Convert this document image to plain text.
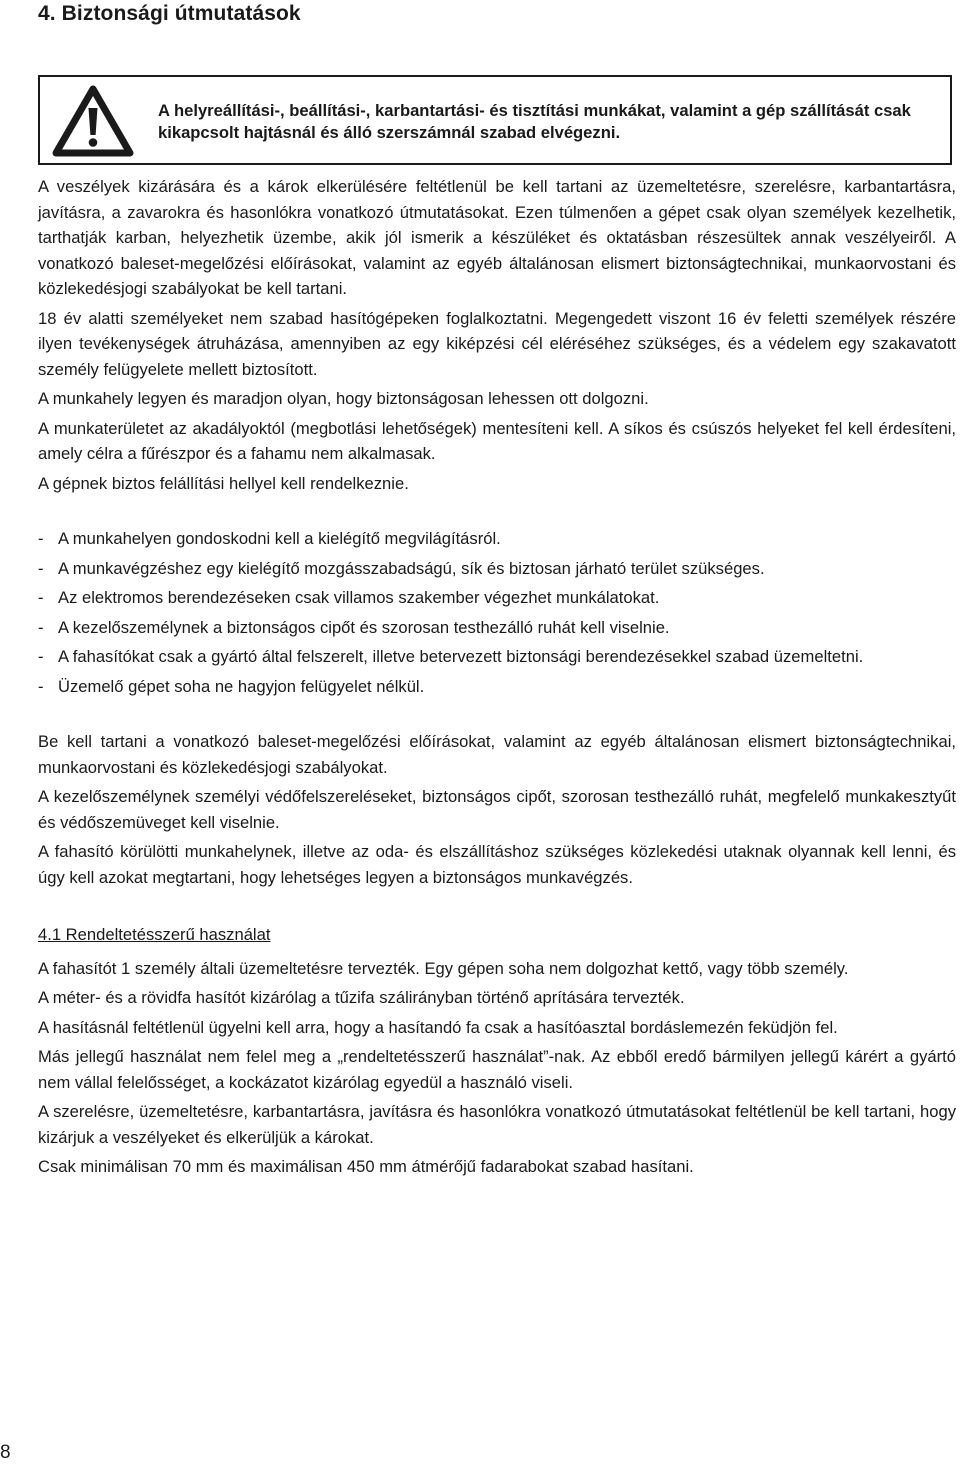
4. Biztonsági útmutatások
A helyreállítási-, beállítási-, karbantartási- és tisztítási munkákat, valamint a gép szállítását csak kikapcsolt hajtásnál és álló szerszámnál szabad elvégezni.

A veszélyek kizárására és a károk elkerülésére feltétlenül be kell tartani az üzemeltetésre, szerelésre, karbantartásra, javításra, a zavarokra és hasonlókra vonatkozó útmutatásokat. Ezen túlmenően a gépet csak olyan személyek kezelhetik, tarthatják karban, helyezhetik üzembe, akik jól ismerik a készüléket és oktatásban részesültek annak veszélyeiről. A vonatkozó baleset-megelőzési előírásokat, valamint az egyéb általánosan elismert biztonságtechnikai, munkaorvostani és közlekedésjogi szabályokat be kell tartani.

18 év alatti személyeket nem szabad hasítógépeken foglalkoztatni. Megengedett viszont 16 év feletti személyek részére ilyen tevékenységek átruházása, amennyiben az egy kiképzési cél eléréséhez szükséges, és a védelem egy szakavatott személy felügyelete mellett biztosított.

A munkahely legyen és maradjon olyan, hogy biztonságosan lehessen ott dolgozni.

A munkaterületet az akadályoktól (megbotlási lehetőségek) mentesíteni kell. A síkos és csúszós helyeket fel kell érdesíteni, amely célra a fűrészpor és a fahamu nem alkalmasak.

A gépnek biztos felállítási hellyel kell rendelkeznie.

- A munkahelyen gondoskodni kell a kielégítő megvilágításról.
- A munkavégzéshez egy kielégítő mozgásszabadságú, sík és biztosan járható terület szükséges.
- Az elektromos berendezéseken csak villamos szakember végezhet munkálatokat.
- A kezelőszemélynek a biztonságos cipőt és szorosan testhezálló ruhát kell viselnie.
- A fahasítókat csak a gyártó által felszerelt, illetve betervezett biztonsági berendezésekkel szabad üzemeltetni.
- Üzemelő gépet soha ne hagyjon felügyelet nélkül.

Be kell tartani a vonatkozó baleset-megelőzési előírásokat, valamint az egyéb általánosan elismert biztonságtechnikai, munkaorvostani és közlekedésjogi szabályokat.

A kezelőszemélynek személyi védőfelszereléseket, biztonságos cipőt, szorosan testhezálló ruhát, megfelelő munkakesztyűt és védőszemüveget kell viselnie.

A fahasító körülötti munkahelynek, illetve az oda- és elszállításhoz szükséges közlekedési utaknak olyannak kell lenni, és úgy kell azokat megtartani, hogy lehetséges legyen a biztonságos munkavégzés.

4.1 Rendeltetésszerű használat

A fahasítót 1 személy általi üzemeltetésre tervezték. Egy gépen soha nem dolgozhat kettő, vagy több személy.

A méter- és a rövidfa hasítót kizárólag a tűzifa szálirányban történő aprítására tervezték.

A hasításnál feltétlenül ügyelni kell arra, hogy a hasítandó fa csak a hasítóasztal bordáslemezén feküdjön fel.

Más jellegű használat nem felel meg a „rendeltetésszerű használat”-nak. Az ebből eredő bármilyen jellegű kárért a gyártó nem vállal felelősséget, a kockázatot kizárólag egyedül a használó viseli.

A szerelésre, üzemeltetésre, karbantartásra, javításra és hasonlókra vonatkozó útmutatásokat feltétlenül be kell tartani, hogy kizárjuk a veszélyeket és elkerüljük a károkat.

Csak minimálisan 70 mm és maximálisan 450 mm átmérőjű fadarabokat szabad hasítani.

8
